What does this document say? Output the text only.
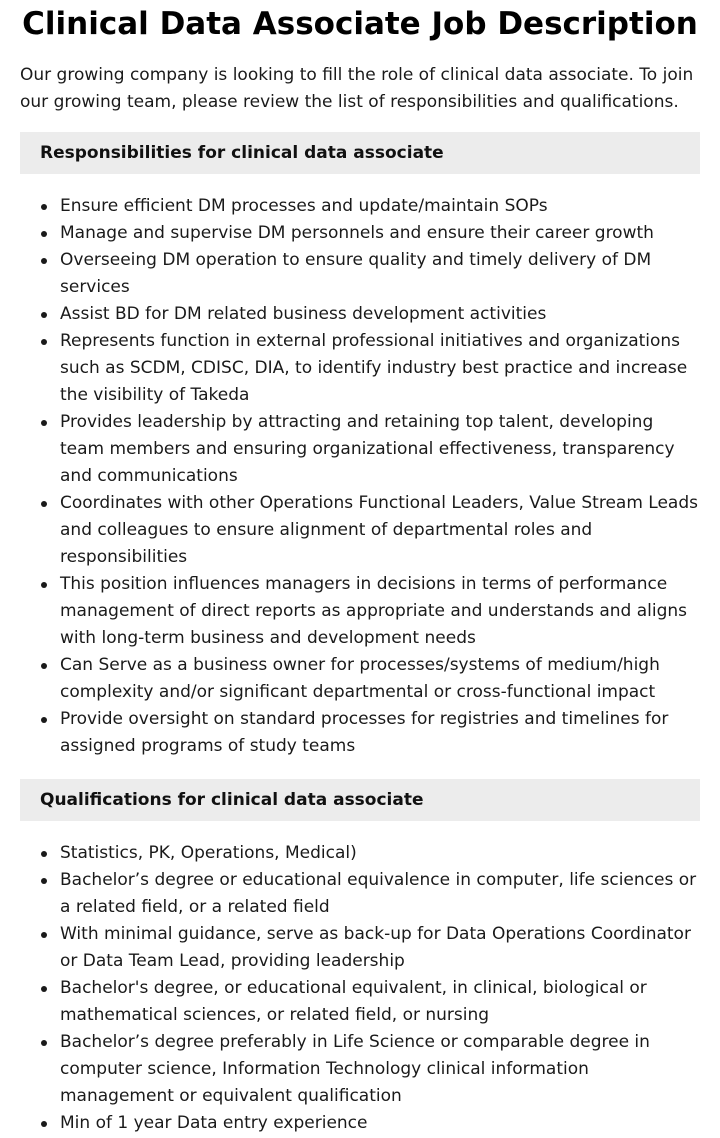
Clinical Data Associate Job Description

Our growing company is looking to fill the role of clinical data associate. To join our growing team, please review the list of responsibilities and qualifications.

Responsibilities for clinical data associate
Ensure efficient DM processes and update/maintain SOPs
Manage and supervise DM personnels and ensure their career growth
Overseeing DM operation to ensure quality and timely delivery of DM services
Assist BD for DM related business development activities
Represents function in external professional initiatives and organizations such as SCDM, CDISC, DIA, to identify industry best practice and increase the visibility of Takeda
Provides leadership by attracting and retaining top talent, developing team members and ensuring organizational effectiveness, transparency and communications
Coordinates with other Operations Functional Leaders, Value Stream Leads and colleagues to ensure alignment of departmental roles and responsibilities
This position influences managers in decisions in terms of performance management of direct reports as appropriate and understands and aligns with long-term business and development needs
Can Serve as a business owner for processes/systems of medium/high complexity and/or significant departmental or cross-functional impact
Provide oversight on standard processes for registries and timelines for assigned programs of study teams
Qualifications for clinical data associate
Statistics, PK, Operations, Medical)
Bachelor’s degree or educational equivalence in computer, life sciences or a related field, or a related field
With minimal guidance, serve as back-up for Data Operations Coordinator or Data Team Lead, providing leadership
Bachelor's degree, or educational equivalent, in clinical, biological or mathematical sciences, or related field, or nursing
Bachelor’s degree preferably in Life Science or comparable degree in computer science, Information Technology clinical information management or equivalent qualification
Min of 1 year Data entry experience
